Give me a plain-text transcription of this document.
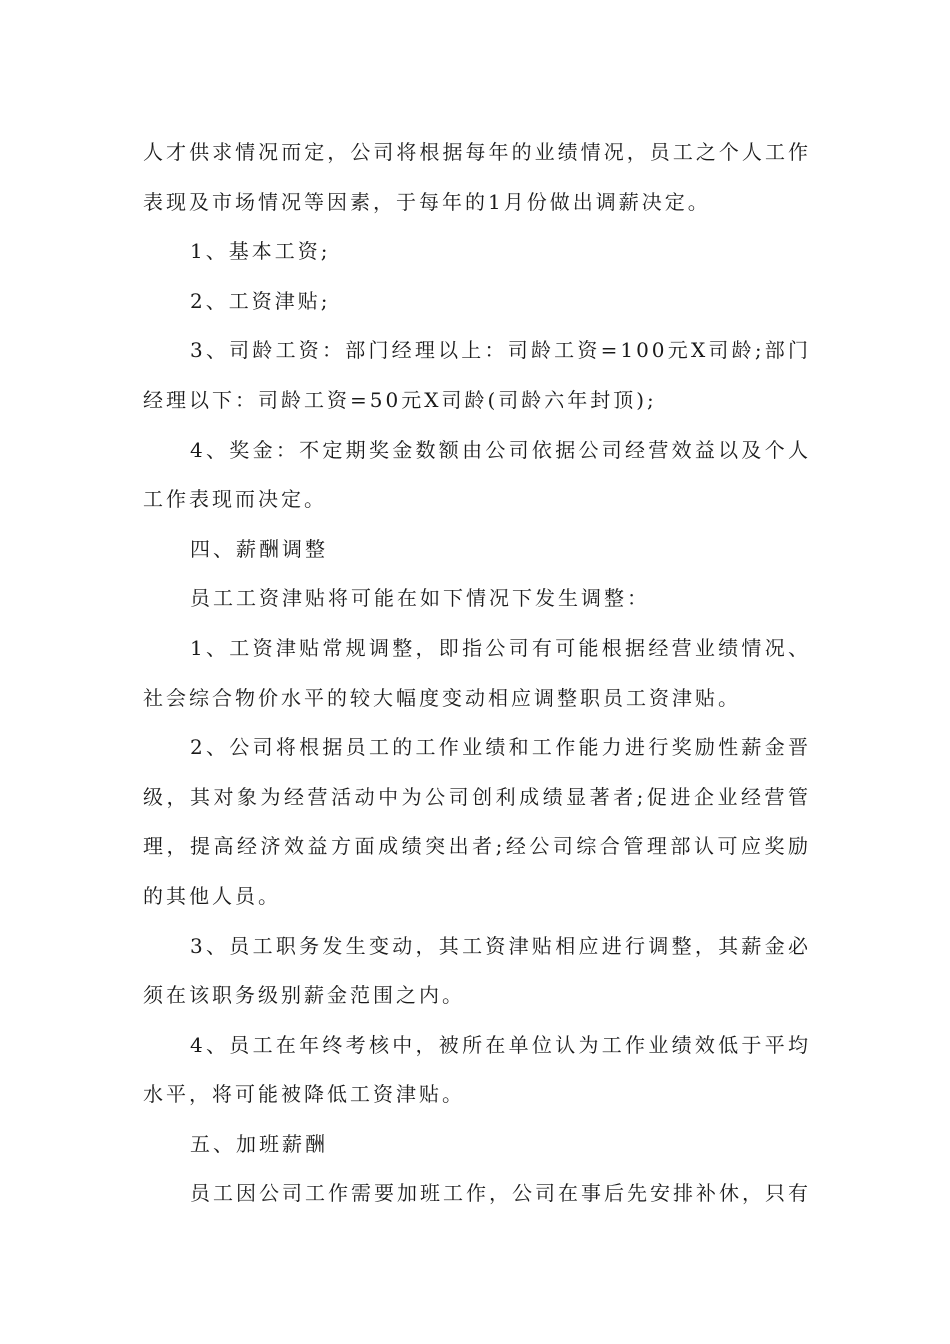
人才供求情况而定，公司将根据每年的业绩情况，员工之个人工作表现及市场情况等因素，于每年的1月份做出调薪决定。

1、基本工资;

2、工资津贴;

3、司龄工资：部门经理以上：司龄工资=100元X司龄;部门经理以下：司龄工资=50元X司龄(司龄六年封顶);

4、奖金：不定期奖金数额由公司依据公司经营效益以及个人工作表现而决定。

四、薪酬调整

员工工资津贴将可能在如下情况下发生调整：

1、工资津贴常规调整，即指公司有可能根据经营业绩情况、社会综合物价水平的较大幅度变动相应调整职员工资津贴。

2、公司将根据员工的工作业绩和工作能力进行奖励性薪金晋级，其对象为经营活动中为公司创利成绩显著者;促进企业经营管理，提高经济效益方面成绩突出者;经公司综合管理部认可应奖励的其他人员。

3、员工职务发生变动，其工资津贴相应进行调整，其薪金必须在该职务级别薪金范围之内。

4、员工在年终考核中，被所在单位认为工作业绩效低于平均水平，将可能被降低工资津贴。

五、加班薪酬

员工因公司工作需要加班工作，公司在事后先安排补休，只有
